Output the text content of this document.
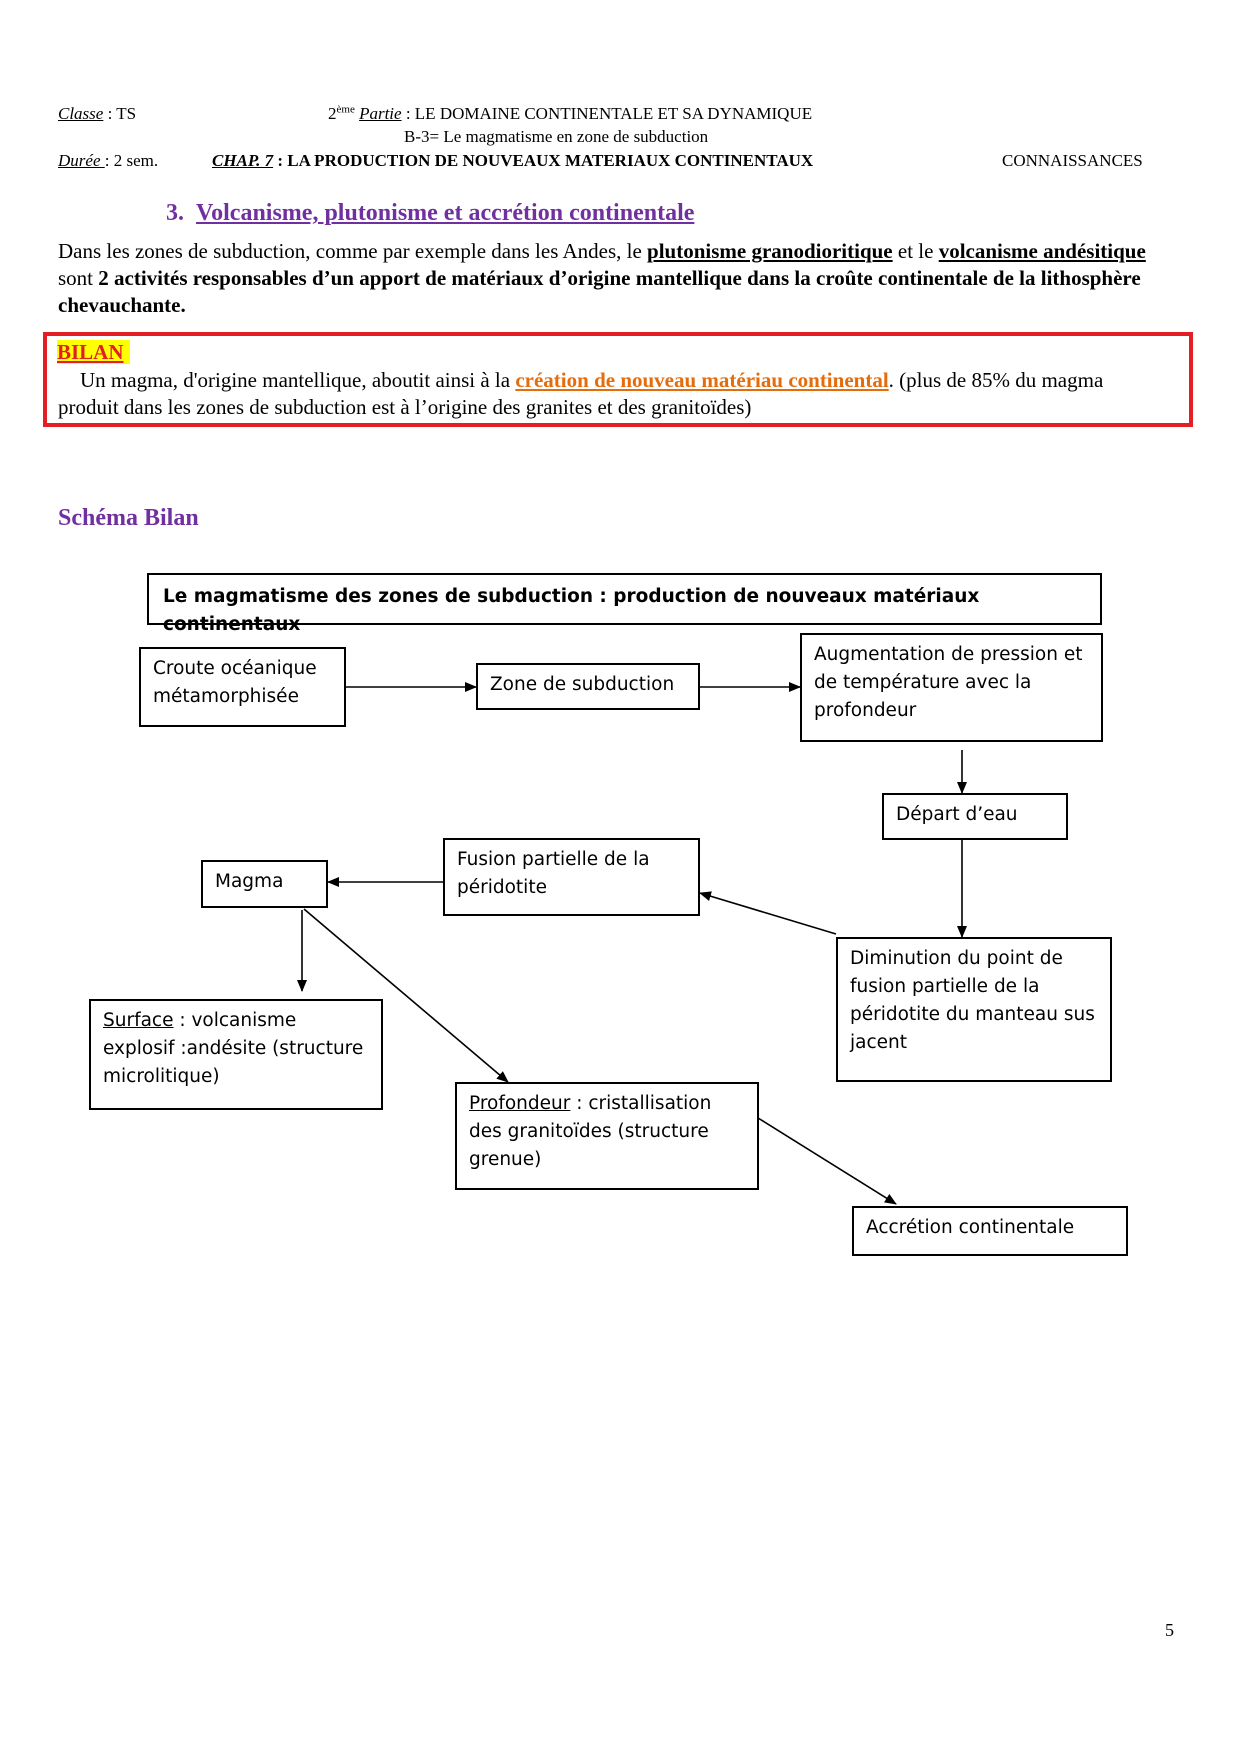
Classe : TS	2ème Partie : LE DOMAINE CONTINENTALE ET SA DYNAMIQUE
B-3= Le magmatisme en zone de subduction
Durée : 2 sem.	CHAP. 7 : LA PRODUCTION DE NOUVEAUX MATERIAUX CONTINENTAUX	CONNAISSANCES
3. Volcanisme, plutonisme et accrétion continentale
Dans les zones de subduction, comme par exemple dans les Andes, le plutonisme granodioritique et le volcanisme andésitique sont 2 activités responsables d’un apport de matériaux d’origine mantellique dans la croûte continentale de la lithosphère chevauchante.
BILAN
Un magma, d'origine mantellique, aboutit ainsi à la création de nouveau matériau continental. (plus de 85% du magma produit dans les zones de subduction est à l’origine des granites et des granitoïdes)
Schéma Bilan
Le magmatisme des zones de subduction : production de nouveaux matériaux continentaux
Croute océanique métamorphisée
Zone de subduction
Augmentation de pression et de température avec la profondeur
Départ d’eau
Diminution du point de fusion partielle de la péridotite du manteau sus jacent
Fusion partielle de la péridotite
Magma
Surface : volcanisme explosif :andésite (structure microlitique)
Profondeur : cristallisation des granitoïdes (structure grenue)
Accrétion continentale
5
